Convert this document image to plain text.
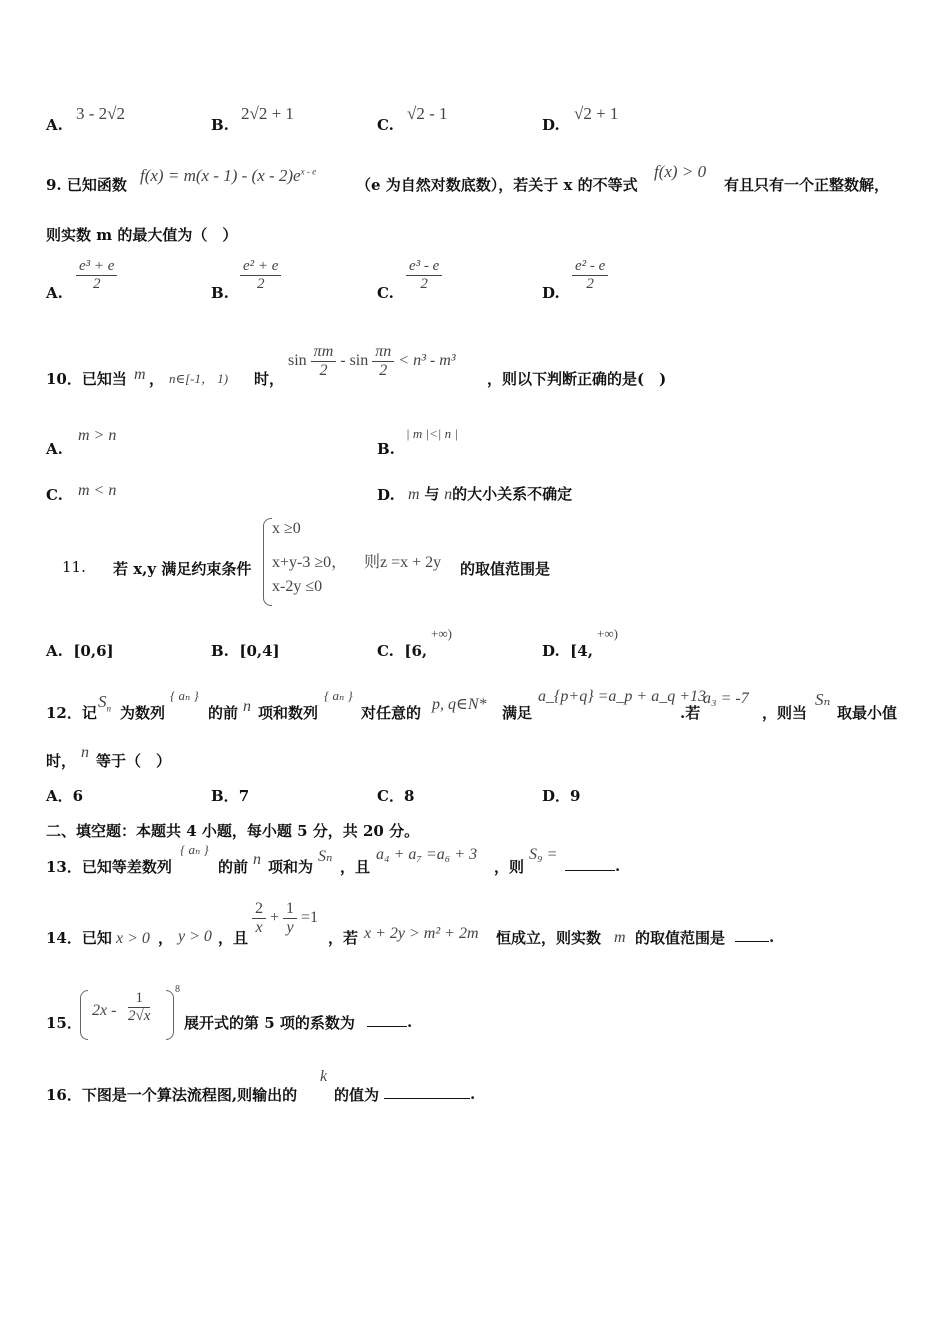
A.
3 - 2√2
B.
2√2 + 1
C.
√2 - 1
D.
√2 + 1
9. 已知函数 $f(x) = m(x - 1) - (x - 2)e^{x - e}$
（e 为自然对数底数），若关于 x 的不等式
f(x) > 0
有且只有一个正整数解，
则实数 m 的最大值为（　）
A. $\frac{\text{e³ + e}}{2}$	B. $\frac{\text{e² + e}}{2}$	C. $\frac{\text{e³ - e}}{2}$	D. $\frac{\text{e² - e}}{2}$
10．已知当 m ， n∈[-1， 1) 时，
$\sin \frac{\pi m}{2} - \sin \frac{\pi n}{2} < n^3 - m^3$
，则以下判断正确的是(　)
A.
m > n
B.
| m |<| n |
C. m < n	D. m 与 n的大小关系不确定
11. 若 x,y 满足约束条件
x ≥0
x+y-3 ≥0，
x-2y ≤0
则z =x + 2y 的取值范围是
A. [0,6]	B. [0,4]	C. [6,
+∞)
D. [4,
+∞)
12．记
$S_n$ 为数列
{ aₙ }
的前 n 项和数列
{ aₙ }
对任意的 p, q∈N* 满足
a_{p+q} =a_p + a_q +13
.若
a₃ = -7
，则当
Sₙ
取最小值
时， n 等于（　）
A．6	B．7	C．8	D．9
二、填空题：本题共 4 小题，每小题 5 分，共 20 分。
13．已知等差数列
{ aₙ }
的前 n 项和为
Sₙ
，且
a₄ + a₇ =a₆ + 3
，则
S₉ =
.
14．已知 x > 0 ， y > 0 ，且
$\frac{2}{x} + \frac{1}{y} =1$
，若 x + 2y > m² + 2m 恒成立，则实数 m 的取值范围是	.
15．
$2x - \frac{1}{2√x}$
8
展开式的第 5 项的系数为	.
16．下图是一个算法流程图,则输出的
k
的值为	.
